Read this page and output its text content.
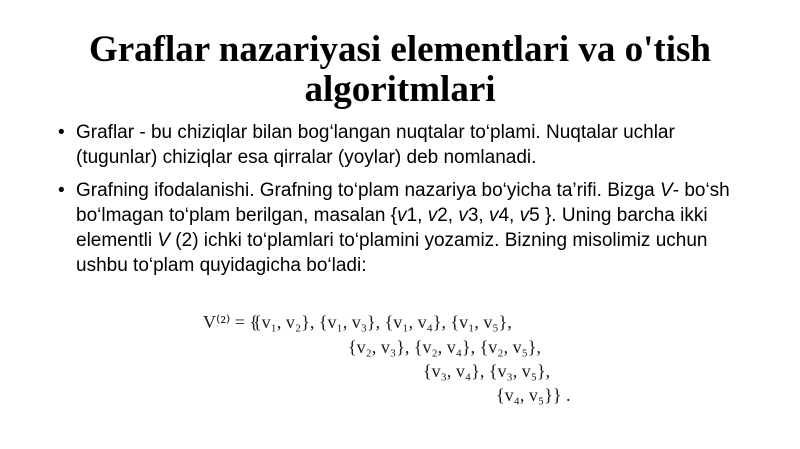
Graflar nazariyasi elementlari va o'tish algoritmlari
• Graflar - bu chiziqlar bilan bog‘langan nuqtalar to‘plami. Nuqtalar uchlar (tugunlar) chiziqlar esa qirralar (yoylar) deb nomlanadi.
• Grafning ifodalanishi. Grafning to‘plam nazariya bo‘yicha ta’rifi. Bizga V- bo‘sh bo‘lmagan to‘plam berilgan, masalan {v1, v2, v3, v4, v5 }. Uning barcha ikki elementli V (2) ichki to‘plamlari to‘plamini yozamiz. Bizning misolimiz uchun ushbu to‘plam quyidagicha bo‘ladi:
V⁽²⁾ = {
{v₁, v₂}, {v₁, v₃}, {v₁, v₄}, {v₁, v₅},
{v₂, v₃}, {v₂, v₄}, {v₂, v₅},
{v₃, v₄}, {v₃, v₅},
{v₄, v₅}} .
